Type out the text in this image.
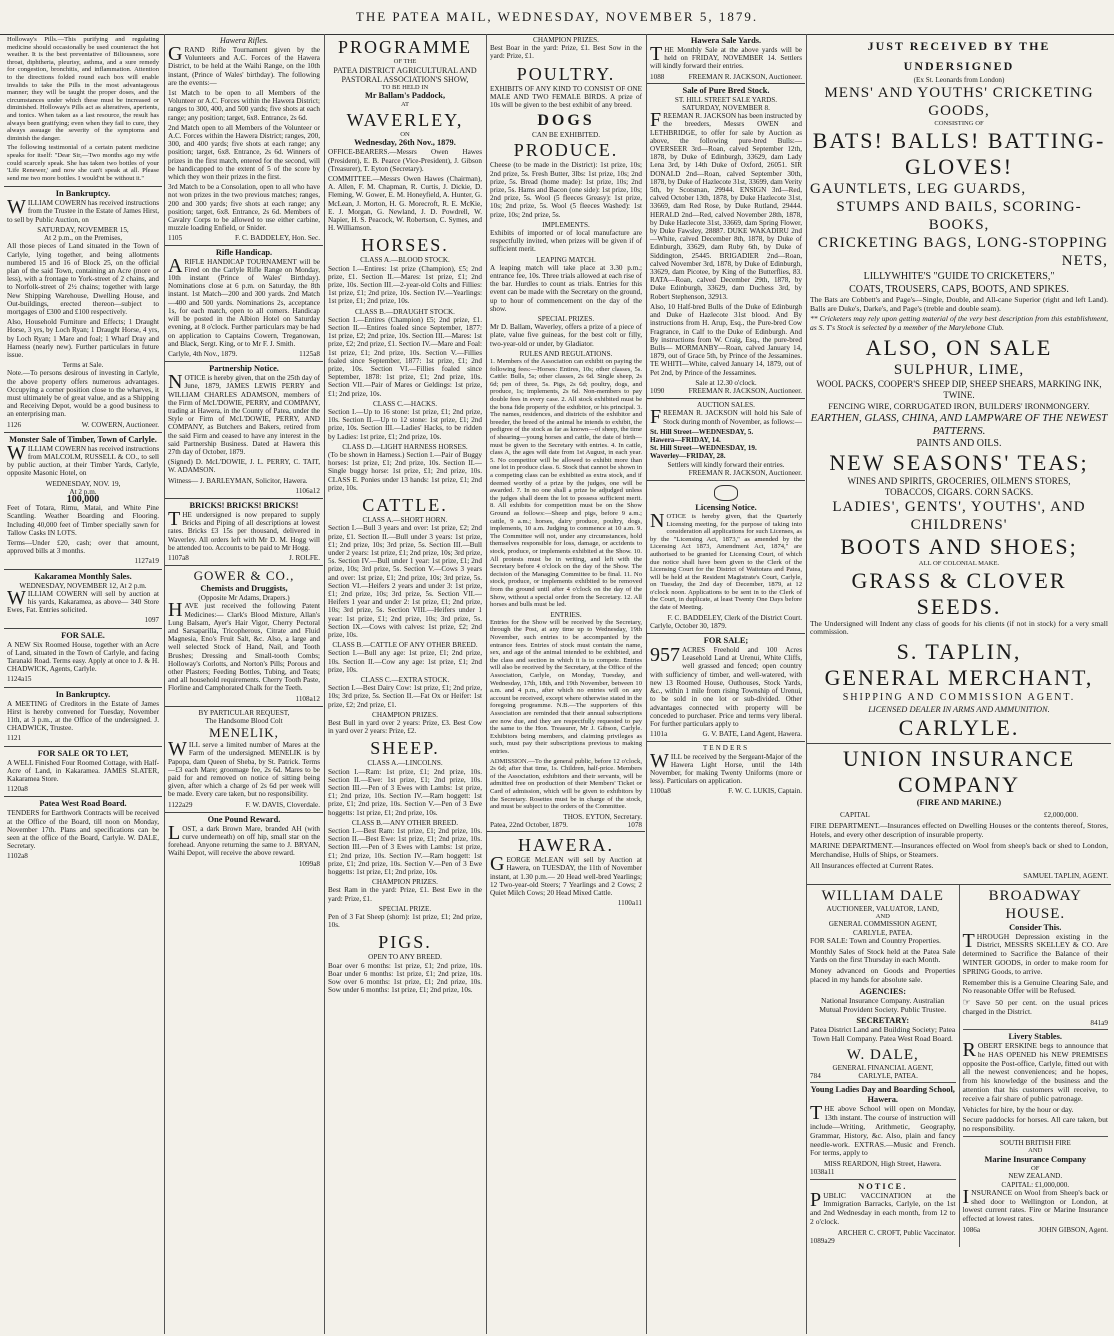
THE PATEA MAIL, WEDNESDAY, NOVEMBER 5, 1879.

Holloway's Pills.—This purifying and regulating medicine should occasionally be used counteract the hot weather. It is the best preventative of Biliousness, sore throat, diphtheria, pleurisy, asthma, and a sure remedy for congestion, bronchitis, and inflammation. Attention to the directions folded round each box will enable invalids to take the Pills in the most advantageous manner; they will be taught the proper doses, and the circumstances under which these must be increased or diminished. Holloway's Pills act as alteratives, aperients, and tonics. When taken as a last resource, the result has always been gratifying; even when they fail to cure, they always assuage the severity of the symptoms and diminish the danger.

The following testimonial of a certain patent medicine speaks for itself: "Dear Sir,—Two months ago my wife could scarcely speak. She has taken two bottles of your 'Life Renewer,' and now she can't speak at all. Please send me two more bottles. I would'nt be without it."

In Bankruptcy.

WILLIAM COWERN has received instructions from the Trustee in the Estate of James Hirst, to sell by Public Auction, on

SATURDAY, NOVEMBER 15,
At 2 p.m., on the Premises,

All those pieces of Land situated in the Town of Carlyle, lying together, and being allotments numbered 15 and 16 of Block 25, on the official plan of the said Town, containing an Acre (more or less), with a frontage to York-street of 2 chains, and to Norfolk-street of 2½ chains; together with large New Shipping Warehouse, Dwelling House, and Out-buildings, erected thereon—subject to mortgages of £300 and £100 respectively.

Also, Household Furniture and Effects; 1 Draught Horse, 3 yrs, by Loch Ryan; 1 Draught Horse, 4 yrs, by Loch Ryan; 1 Mare and foal; 1 Wharf Dray and Harness (nearly new). Further particulars in future issue.

Terms at Sale.

Note.—To persons desirous of investing in Carlyle, the above property offers numerous advantages. Occupying a corner position close to the wharves, it must ultimately be of great value, and as a Shipping and Receiving Depot, would be a good business to an enterprising man.

1126	W. COWERN, Auctioneer.
Monster Sale of Timber, Town of Carlyle.

WILLIAM COWERN has received instructions from MALCOLM, RUSSELL & CO., to sell by public auction, at their Timber Yards, Carlyle, opposite Masonic Hotel, on

WEDNESDAY, NOV. 19,
At 2 p.m.
100,000

Feet of Totara, Rimu, Matai, and White Pine Scantling. Weather Boarding and Flooring. Including 40,000 feet of Timber specially sawn for Tallow Casks IN LOTS.

Terms—Under £20, cash; over that amount, approved bills at 3 months.

1127a19
Kakaramea Monthly Sales.
WEDNESDAY, NOVEMBER 12, At 2 p.m.

WILLIAM COWERN will sell by auction at his yards, Kakaramea, as above— 340 Store Ewes, Fat. Entries solicited.

1097
FOR SALE.

A NEW Six Roomed House, together with an Acre of Land, situated in the Town of Carlyle, and facing Taranaki Road. Terms easy. Apply at once to J. & H. CHADWICK, Agents, Carlyle.

1124a15
In Bankruptcy.

A MEETING of Creditors in the Estate of James Hirst is hereby convened for Tuesday, November 11th, at 3 p.m., at the Office of the undersigned. J. CHADWICK, Trustee.

1121
FOR SALE OR TO LET,

A WELL Finished Four Roomed Cottage, with Half-Acre of Land, in Kakaramea. JAMES SLATER, Kakaramea Store.

1120a8
Patea West Road Board.

TENDERS for Earthwork Contracts will be received at the Office of the Board, till noon on Monday, November 17th. Plans and specifications can be seen at the office of the Board, Carlyle. W. DALE, Secretary.

1102a8
Hawera Rifles.

GRAND Rifle Tournament given by the Volunteers and A.C. Forces of the Hawera District, to be held at the Waihi Range, on the 10th instant, (Prince of Wales' birthday). The following are the events:—

1st Match to be open to all Members of the Volunteer or A.C. Forces within the Hawera District; ranges to 300, 400, and 500 yards; five shots at each range; any position; target, 6x8. Entrance, 2s 6d.

2nd Match open to all Members of the Volunteer or A.C. Forces within the Hawera District; ranges, 200, 300, and 400 yards; five shots at each range; any position; target, 6x8. Entrance, 2s 6d. Winners of prizes in the first match, entered for the second, will be handicapped to the extent of 5 of the score by which they won their prizes in the first.

3rd Match to be a Consolation, open to all who have not won prizes in the two previous matches; ranges, 200 and 300 yards; five shots at each range; any position; target, 6x8. Entrance, 2s 6d. Members of Cavalry Corps to be allowed to use either carbine, muzzle loading Enfield, or Snider.

1105	F. C. BADDELEY, Hon. Sec.
Rifle Handicap.

ARIFLE HANDICAP TOURNAMENT will be Fired on the Carlyle Rifle Range on Monday, 10th instant (Prince of Wales' Birthday). Nominations close at 6 p.m. on Saturday, the 8th instant. 1st Match—200 and 300 yards. 2nd Match—400 and 500 yards. Nominations 2s, acceptance 1s, for each match, open to all comers. Handicap will be posted in the Albion Hotel on Saturday evening, at 8 o'clock. Further particulars may be had on application to Captains Cowern, Treganowan, and Black, Sergt. King, or to Mr F. J. Smith.

Carlyle, 4th Nov., 1879.	1125a8
Partnership Notice.

NOTICE is hereby given, that on the 25th day of June, 1879, JAMES LEWIS PERRY and WILLIAM CHARLES ADAMSON, members of the Firm of McL'DOWIE, PERRY, and COMPANY, trading at Hawera, in the County of Patea, under the Style or Firm of McL'DOWIE, PERRY, AND COMPANY, as Butchers and Bakers, retired from the said Firm and ceased to have any interest in the said Partnership Business. Dated at Hawera this 27th day of October, 1879.

(Signed) D. McL'DOWIE, J. L. PERRY, C. TAIT, W. ADAMSON.

Witness— J. BARLEYMAN, Solicitor, Hawera.

1106a12
BRICKS! BRICKS! BRICKS!

THE undersigned is now prepared to supply Bricks and Piping of all descriptions at lowest rates. Bricks £3 15s per thousand, delivered in Waverley. All orders left with Mr D. M. Hogg will be attended too. Accounts to be paid to Mr Hogg.

1107a8	J. ROLFE.
GOWER & CO.,
Chemists and Druggists,
(Opposite Mr Adams, Drapers.)

HAVE just received the following Patent Medicines:— Clark's Blood Mixture, Allan's Lung Balsam, Ayer's Hair Vigor, Cherry Pectoral and Sarsaparilla, Tricopherous, Citrate and Fluid Magnesia, Eno's Fruit Salt, &c. Also, a large and well selected Stock of Hand, Nail, and Tooth Brushes; Dressing and Small-tooth Combs; Holloway's Corlotts, and Norton's Pills; Porous and other Plasters; Feeding Bottles, Tubing, and Teats; and all household requirements. Cherry Tooth Paste, Florline and Camphorated Chalk for the Teeth.

1108a12
BY PARTICULAR REQUEST,
The Handsome Blood Colt
MENELIK,

WILL serve a limited number of Mares at the Farm of the undersigned. MENELIK is by Papopa, dam Queen of Sheba, by St. Patrick. Terms—£3 each Mare; groomage fee, 2s 6d. Mares to be paid for and removed on notice of sitting being given, after which a charge of 2s 6d per week will be made. Every care taken, but no responsibility.

1122a29	F. W. DAVIS, Cloverdale.
One Pound Reward.

LOST, a dark Brown Mare, branded AH (with curve underneath) on off hip, small star on the forehead. Anyone returning the same to J. BRYAN, Waihi Depot, will receive the above reward.

1099a8
PROGRAMME
OF THE
PATEA DISTRICT AGRICULTURAL AND PASTORAL ASSOCIATION'S SHOW,
TO BE HELD IN
Mr Ballam's Paddock,
AT
WAVERLEY,
ON
Wednesday, 26th Nov., 1879.

OFFICE-BEARERS.—Messrs Owen Hawes (President), E. B. Pearce (Vice-President), J. Gibson (Treasurer), T. Eyton (Secretary).

COMMITTEE.—Messrs Owen Hawes (Chairman), A. Allen, F. M. Chapman, R. Curtis, J. Dickie, D. Fleming, W. Gower, E. M. Honeyfield, A. Hunter, G. McLean, J. Morton, H. G. Morecroft, R. E. McKie, E. J. Morgan, G. Newland, J. D. Powdrell, W. Napier, H. S. Peacock, W. Robertson, C. Symes, and H. Williamson.

HORSES.
CLASS A.—BLOOD STOCK.

Section I.—Entires: 1st prize (Champion), £5; 2nd prize, £1. Section II.—Mares: 1st prize, £1; 2nd prize, 10s. Section III.—2-year-old Colts and Fillies: 1st prize, £1; 2nd prize, 10s. Section IV.—Yearlings: 1st prize, £1; 2nd prize, 10s.

CLASS B.—DRAUGHT STOCK.

Section I.—Entires (Champion) £5; 2nd prize, £1. Section II.—Entires foaled since September, 1877: 1st prize, £2; 2nd prize, 10s. Section III.—Mares: 1st prize, £2; 2nd prize, £1. Section IV.—Mare and Foal: 1st prize, £1; 2nd prize, 10s. Section V.—Fillies foaled since September, 1877: 1st prize, £1; 2nd prize, 10s. Section VI.—Fillies foaled since September, 1878: 1st prize, £1; 2nd prize, 10s. Section VII.—Pair of Mares or Geldings: 1st prize, £1; 2nd prize, 10s.

CLASS C.—HACKS.

Section I.—Up to 16 stone: 1st prize, £1; 2nd prize, 10s. Section II.—Up to 12 stone: 1st prize, £1; 2nd prize, 10s. Section III.—Ladies' Hacks, to be ridden by Ladies: 1st prize, £1; 2nd prize, 10s.

CLASS D.—LIGHT HARNESS HORSES.

(To be shown in Harness.) Section I.—Pair of Buggy horses: 1st prize, £1; 2nd prize, 10s. Section II.—Single buggy horse: 1st prize, £1; 2nd prize, 10s. CLASS E. Ponies under 13 hands: 1st prize, £1; 2nd prize, 10s.

CATTLE.
CLASS A.—SHORT HORN.

Section I.—Bull 3 years and over: 1st prize, £2; 2nd prize, £1. Section II.—Bull under 3 years: 1st prize, £1; 2nd prize, 10s; 3rd prize, 5s. Section III.—Bull under 2 years: 1st prize, £1; 2nd prize, 10s; 3rd prize, 5s. Section IV.—Bull under 1 year: 1st prize, £1; 2nd prize, 10s; 3rd prize, 5s. Section V.—Cows 3 years and over: 1st prize, £1; 2nd prize, 10s; 3rd prize, 5s. Section VI.—Heifers 2 years and under 3: 1st prize, £1; 2nd prize, 10s; 3rd prize, 5s. Section VII.—Heifers 1 year and under 2: 1st prize, £1; 2nd prize, 10s; 3rd prize, 5s. Section VIII.—Heifers under 1 year: 1st prize, £1; 2nd prize, 10s; 3rd prize, 5s. Section IX.—Cows with calves: 1st prize, £2; 2nd prize, 10s.

CLASS B.—CATTLE OF ANY OTHER BREED.

Section I.—Bull any age: 1st prize, £1; 2nd prize, 10s. Section II.—Cow any age: 1st prize, £1; 2nd prize, 10s.

CLASS C.—EXTRA STOCK.

Section I.—Best Dairy Cow: 1st prize, £1; 2nd prize, 10s; 3rd prize, 5s. Section II.—Fat Ox or Heifer: 1st prize, £2; 2nd prize, £1.

CHAMPION PRIZES.

Best Bull in yard over 2 years: Prize, £3. Best Cow in yard over 2 years: Prize, £2.

SHEEP.
CLASS A.—LINCOLNS.

Section I.—Ram: 1st prize, £1; 2nd prize, 10s. Section II.—Ewe: 1st prize, £1; 2nd prize, 10s. Section III.—Pen of 3 Ewes with Lambs: 1st prize, £1; 2nd prize, 10s. Section IV.—Ram hoggett: 1st prize, £1; 2nd prize, 10s. Section V.—Pen of 3 Ewe hoggetts: 1st prize, £1; 2nd prize, 10s.

CLASS B.—ANY OTHER BREED.

Section I.—Best Ram: 1st prize, £1; 2nd prize, 10s. Section II.—Best Ewe: 1st prize, £1; 2nd prize, 10s. Section III.—Pen of 3 Ewes with Lambs: 1st prize, £1; 2nd prize, 10s. Section IV.—Ram hoggett: 1st prize, £1; 2nd prize, 10s. Section V.—Pen of 3 Ewe hoggetts: 1st prize, £1; 2nd prize, 10s.

CHAMPION PRIZES.

Best Ram in the yard: Prize, £1. Best Ewe in the yard: Prize, £1.

SPECIAL PRIZE.

Pen of 3 Fat Sheep (shorn): 1st prize, £1; 2nd prize, 10s.

PIGS.
OPEN TO ANY BREED.

Boar over 6 months: 1st prize, £1; 2nd prize, 10s. Boar under 6 months: 1st prize, £1; 2nd prize, 10s. Sow over 6 months: 1st prize, £1; 2nd prize, 10s. Sow under 6 months: 1st prize, £1; 2nd prize, 10s.

CHAMPION PRIZES.

Best Boar in the yard: Prize, £1. Best Sow in the yard: Prize, £1.

POULTRY.

EXHIBITS OF ANY KIND TO CONSIST OF ONE MALE AND TWO FEMALE BIRDS. A prize of 10s will be given to the best exhibit of any breed.

DOGS
CAN BE EXHIBITED.
PRODUCE.

Cheese (to be made in the District): 1st prize, 10s; 2nd prize, 5s. Fresh Butter, 3lbs: 1st prize, 10s; 2nd prize, 5s. Bread (home made): 1st prize, 10s; 2nd prize, 5s. Hams and Bacon (one side): 1st prize, 10s; 2nd prize, 5s. Wool (5 fleeces Greasy): 1st prize, 10s; 2nd prize, 5s. Wool (5 fleeces Washed): 1st prize, 10s; 2nd prize, 5s.

IMPLEMENTS.

Exhibits of imported or of local manufacture are respectfully invited, when prizes will be given if of sufficient merit.

LEAPING MATCH.

A leaping match will take place at 3.30 p.m.; entrance fee, 10s. Three trials allowed at each rise of the bar. Hurdles to count as trials. Entries for this event can be made with the Secretary on the ground, up to hour of commencement on the day of the show.

SPECIAL PRIZES.

Mr D. Ballam, Waverley, offers a prize of a piece of plate, value five guineas, for the best colt or filly, two-year-old or under, by Gladiator.

RULES AND REGULATIONS.

1. Members of the Association can exhibit on paying the following fees:—Horses: Entires, 10s; other classes, 5s. Cattle: Bulls, 5s; other classes, 2s 6d. Single sheep, 2s 6d; pen of three, 5s. Pigs, 2s 6d; poultry, dogs, and produce, 1s; implements, 2s 6d. Non-members to pay double fees in every case. 2. All stock exhibited must be the bona fide property of the exhibitor, or his principal. 3. The names, residences, and districts of the exhibitor and breeder, the breed of the animal he intends to exhibit, the pedigree of the stock as far as known—of sheep, the time of shearing—young horses and cattle, the date of birth—must be given to the Secretary with entries. 4. In cattle, class A, the ages will date from 1st August, in each year. 5. No competitor will be allowed to exhibit more than one lot in produce class. 6. Stock that cannot be shown in a competing class can be exhibited as extra stock, and if deemed worthy of a prize by the judges, one will be awarded. 7. In no one shall a prize be adjudged unless the judges shall deem the lot to possess sufficient merit. 8. All exhibits for competition must be on the Show Ground as follows:—Sheep and pigs, before 9 a.m.; cattle, 9 a.m.; horses, dairy produce, poultry, dogs, implements, 10 a.m. Judging to commence at 10 a.m. 9. The Committee will not, under any circumstances, hold themselves responsible for loss, damage, or accidents to stock, produce, or implements exhibited at the Show. 10. All protests must be in writing, and left with the Secretary before 4 o'clock on the day of the Show. The decision of the Managing Committee to be final. 11. No stock, produce, or implements exhibited to be removed from the ground until after 4 o'clock on the day of the Show, without a special order from the Secretary. 12. All horses and bulls must be led.

ENTRIES.

Entries for the Show will be received by the Secretary, through the Post, at any time up to Wednesday, 19th November, such entries to be accompanied by the entrance fees. Entries of stock must contain the name, sex, and age of the animal intended to be exhibited, and the class and section in which it is to compete. Entries will also be received by the Secretary, at the Office of the Association, Carlyle, on Monday, Tuesday, and Wednesday, 17th, 18th, and 19th November, between 10 a.m. and 4 p.m., after which no entries will on any account be received, except where otherwise stated in the foregoing programme. N.B.—The supporters of this Association are reminded that their annual subscriptions are now due, and they are respectfully requested to pay the same to the Hon. Treasurer, Mr J. Gibson, Carlyle. Exhibitors being members, and claiming privileges as such, must pay their subscriptions previous to making entries.

ADMISSION.—To the general public, before 12 o'clock, 2s 6d; after that time, 1s. Children, half-price. Members of the Association, exhibitors and their servants, will be admitted free on production of their Members' Ticket or Card of admission, which will be given to exhibitors by the Secretary. Rosettes must be in charge of the stock, and must be subject to the orders of the Committee.

THOS. EYTON, Secretary.
Patea, 22nd October, 1879.	1078
HAWERA.

GEORGE McLEAN will sell by Auction at Hawera, on TUESDAY, the 11th of November instant, at 1.30 p.m.— 20 Head well-bred Yearlings; 12 Two-year-old Steers; 7 Yearlings and 2 Cows; 2 Quiet Milch Cows; 20 Head Mixed Cattle.

1100a11
Hawera Sale Yards.

THE Monthly Sale at the above yards will be held on FRIDAY, NOVEMBER 14. Settlers will kindly forward their entries.

1088	FREEMAN R. JACKSON, Auctioneer.
Sale of Pure Bred Stock.
ST. HILL STREET SALE YARDS.
SATURDAY, NOVEMBER 8.

FREEMAN R. JACKSON has been instructed by the breeders, Messrs OWEN and LETHBRIDGE, to offer for sale by Auction as above, the following pure-bred Bulls:— OVERSEER 3rd—Roan, calved September 12th, 1878, by Duke of Edinburgh, 33629, dam Lady Lena 3rd, by 14th Duke of Oxford, 26051. SIR DONALD 2nd—Roan, calved September 30th, 1878, by Duke of Hazlecote 31st, 33699, dam Verity 5th, by Scotsman, 29944. ENSIGN 3rd—Red, calved October 13th, 1878, by Duke Hazlecote 31st, 33669, dam Red Rose, by Duke Rutland, 29444. HERALD 2nd—Red, calved November 28th, 1878, by Duke Hazlecote 31st, 33669, dam Spring Flower, by Duke Fawsley, 28887. DUKE WAKADIRU 2nd—White, calved December 8th, 1878, by Duke of Edinburgh, 33629, dam Ruby 6th, by Duke of Siddington, 25445. BRIGADIER 2nd—Roan, calved November 3rd, 1878, by Duke of Edinburgh, 33629, dam Picotee, by King of the Butterflies, 83. RATA—Roan, calved December 29th, 1878, by Duke Edinburgh, 33629, dam Duchess 3rd, by Robert Stephenson, 32913.

Also, 10 Half-bred Bulls of the Duke of Edinburgh and Duke of Hazlecote 31st blood. And By instructions from H. Arup, Esq., the Pure-bred Cow Fragrance, in Calf to the Duke of Edinburgh. And By instructions from W. Craig, Esq., the pure-bred Bulls— MORMANBY—Roan, calved January 14, 1879, out of Grace 5th, by Prince of the Jessamines. TE WHITI—White, calved January 14, 1879, out of Pet 2nd, by Prince of the Jessamines.

Sale at 12.30 o'clock.
1090	FREEMAN R. JACKSON, Auctioneer.
AUCTION SALES.

FREEMAN R. JACKSON will hold his Sale of Stock during month of November, as follows:—

St. Hill Street—WEDNESDAY, 5.
Hawera—FRIDAY, 14.
St. Hill Street—WEDNESDAY, 19.
Waverley—FRIDAY, 28.
Settlers will kindly forward their entries.
FREEMAN R. JACKSON, Auctioneer.
Licensing Notice.

NOTICE is hereby given, that the Quarterly Licensing meeting, for the purpose of taking into consideration all applications for such Licenses, as by the "Licensing Act, 1873," as amended by the Licensing Act 1873, Amendment Act, 1874," are authorised to be granted for Licensing Court, of which due notice shall have been given to the Clerk of the Licensing Court for the District of Waitotara and Patea, will be held at the Resident Magistrate's Court, Carlyle, on Tuesday, the 2nd day of December, 1879, at 12 o'clock noon. Applications to be sent in to the Clerk of the Court, in duplicate, at least Twenty One Days before the date of Meeting.

F. C. BADDELEY, Clerk of the District Court.
Carlyle, October 30, 1879.
FOR SALE;

957 ACRES Freehold and 100 Acres Leasehold Land at Urenui, White Cliffs, well grassed and fenced; open country with sufficiency of timber, and well-watered, with new 13 Roomed House, Outhouses, Stock Yards, &c., within 1 mile from rising Township of Urenui, to be sold in one lot or sub-divided. Other advantages connected with property will be conceded to purchaser. Price and terms very liberal. For further particulars apply to

1101a	G. V. BATE, Land Agent, Hawera.
TENDERS

WILL be received by the Sergeant-Major of the Hawera Light Horse, until the 14th November, for making Twenty Uniforms (more or less). Particulars on application.

1100a8	F. W. C. LUKIS, Captain.
JUST RECEIVED BY THE UNDERSIGNED
(Ex St. Leonards from London)
MENS' AND YOUTHS' CRICKETING GOODS,
CONSISTING OF
BATS! BALLS! BATTING-GLOVES!
GAUNTLETS, LEG GUARDS,
STUMPS AND BAILS, SCORING-BOOKS,
CRICKETING BAGS, LONG-STOPPING NETS,
LILLYWHITE'S "GUIDE TO CRICKETERS,"
COATS, TROUSERS, CAPS, BOOTS, AND SPIKES.

The Bats are Cobbett's and Page's—Single, Double, and All-cane Superior (right and left Land). Balls are Duke's, Darke's, and Page's (treble and double seam).

** Cricketers may rely upon getting material of the very best description from this establishment, as S. T's Stock is selected by a member of the Marylebone Club.

ALSO, ON SALE
SULPHUR, LIME,
WOOL PACKS, COOPER'S SHEEP DIP, SHEEP SHEARS, MARKING INK, TWINE.
FENCING WIRE, CORRUGATED IRON, BUILDERS' IRONMONGERY.
EARTHEN, GLASS, CHINA, AND LAMPWARE OF THE NEWEST PATTERNS.
PAINTS AND OILS.
NEW SEASONS' TEAS;
WINES AND SPIRITS, GROCERIES, OILMEN'S STORES,
TOBACCOS, CIGARS. CORN SACKS.
LADIES', GENTS', YOUTHS', AND CHILDRENS'
BOOTS AND SHOES;
ALL OF COLONIAL MAKE.
GRASS & CLOVER SEEDS.

The Undersigned will Indent any class of goods for his clients (if not in stock) for a very small commission.

S. TAPLIN,
GENERAL MERCHANT,
SHIPPING AND COMMISSION AGENT.
LICENSED DEALER IN ARMS AND AMMUNITION.
CARLYLE.
UNION INSURANCE COMPANY
(FIRE AND MARINE.)
CAPITAL	£2,000,000.

FIRE DEPARTMENT.—Insurances effected on Dwelling Houses or the contents thereof, Stores, Hotels, and every other description of insurable property.

MARINE DEPARTMENT.—Insurances effected on Wool from sheep's back or shed to London, Merchandise, Hulls of Ships, or Steamers.

All Insurances effected at Current Rates.

SAMUEL TAPLIN, AGENT.
WILLIAM DALE
AUCTIONEER, VALUATOR, LAND,
AND
GENERAL COMMISSION AGENT,
CARLYLE, PATEA.

FOR SALE: Town and Country Properties.

Monthly Sales of Stock held at the Patea Sale Yards on the first Thursday in each Month.

Money advanced on Goods and Properties placed in my hands for absolute sale.

AGENCIES:

National Insurance Company. Australian Mutual Provident Society. Public Trustee.

SECRETARY:

Patea District Land and Building Society; Patea Town Hall Company. Patea West Road Board.

W. DALE,
GENERAL FINANCIAL AGENT,
784	CARLYLE, PATEA.
Young Ladies Day and Boarding School, Hawera.

THE above School will open on Monday, 13th instant. The course of instruction will include—Writing, Arithmetic, Geography, Grammar, History, &c. Also, plain and fancy needle-work. EXTRAS.—Music and French. For terms, apply to

MISS REARDON, High Street, Hawera.
1038a11
NOTICE.

PUBLIC VACCINATION at the Immigration Barracks, Carlyle, on the 1st and 2nd Wednesday in each month, from 12 to 2 o'clock.

ARCHER C. CROFT, Public Vaccinator.
1089a29
BROADWAY HOUSE.
Consider This.

THROUGH Depression existing in the District, MESSRS SKELLEY & CO. Are determined to Sacrifice the Balance of their WINTER GOODS, in order to make room for SPRING Goods, to arrive.

Remember this is a Genuine Clearing Sale, and No reasonable Offer will be Refused.

☞ Save 50 per cent. on the usual prices charged in the District.

841a9
Livery Stables.

ROBERT ERSKINE begs to announce that he HAS OPENED his NEW PREMISES opposite the Post-office, Carlyle, fitted out with all the newest conveniences; and he hopes, from his knowledge of the business and the attention that his customers will receive, to receive a fair share of public patronage.

Vehicles for hire, by the hour or day.

Secure paddocks for horses. All care taken, but no responsibility.

SOUTH BRITISH FIRE
AND
Marine Insurance Company
OF
NEW ZEALAND.
CAPITAL: £1,000,000.

INSURANCE on Wool from Sheep's back or shed door to Wellington or London, at lowest current rates. Fire or Marine Insurance effected at lowest rates.

1086a	JOHN GIBSON, Agent.
